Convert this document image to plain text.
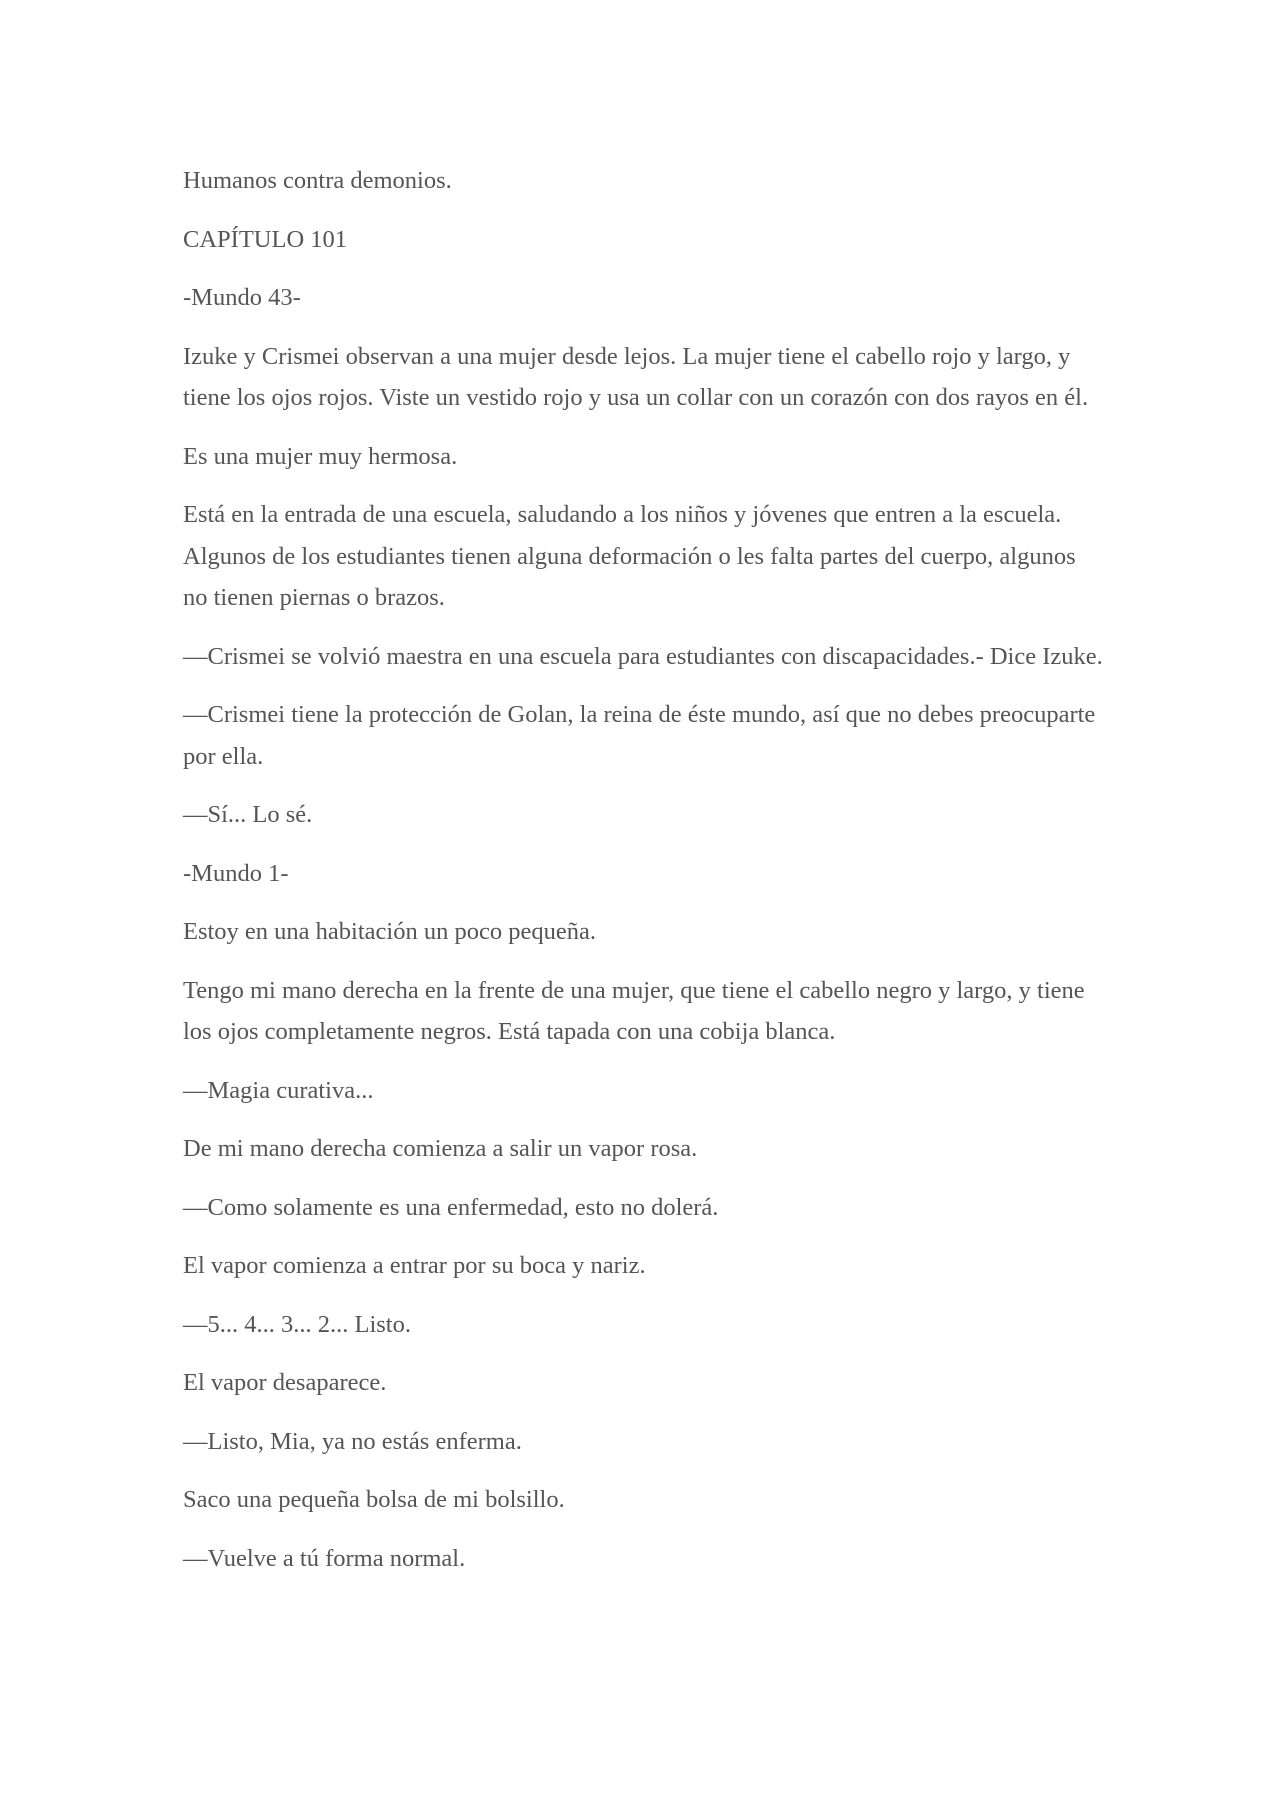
Humanos contra demonios.

CAPÍTULO 101

-Mundo 43-

Izuke y Crismei observan a una mujer desde lejos. La mujer tiene el cabello rojo y largo, y tiene los ojos rojos. Viste un vestido rojo y usa un collar con un corazón con dos rayos en él.

Es una mujer muy hermosa.

Está en la entrada de una escuela, saludando a los niños y jóvenes que entren a la escuela. Algunos de los estudiantes tienen alguna deformación o les falta partes del cuerpo, algunos no tienen piernas o brazos.

—Crismei se volvió maestra en una escuela para estudiantes con discapacidades.- Dice Izuke.

—Crismei tiene la protección de Golan, la reina de éste mundo, así que no debes preocuparte por ella.

—Sí... Lo sé.

-Mundo 1-

Estoy en una habitación un poco pequeña.

Tengo mi mano derecha en la frente de una mujer, que tiene el cabello negro y largo, y tiene los ojos completamente negros. Está tapada con una cobija blanca.

—Magia curativa...

De mi mano derecha comienza a salir un vapor rosa.

—Como solamente es una enfermedad, esto no dolerá.

El vapor comienza a entrar por su boca y nariz.

—5... 4... 3... 2... Listo.

El vapor desaparece.

—Listo, Mia, ya no estás enferma.

Saco una pequeña bolsa de mi bolsillo.

—Vuelve a tú forma normal.
